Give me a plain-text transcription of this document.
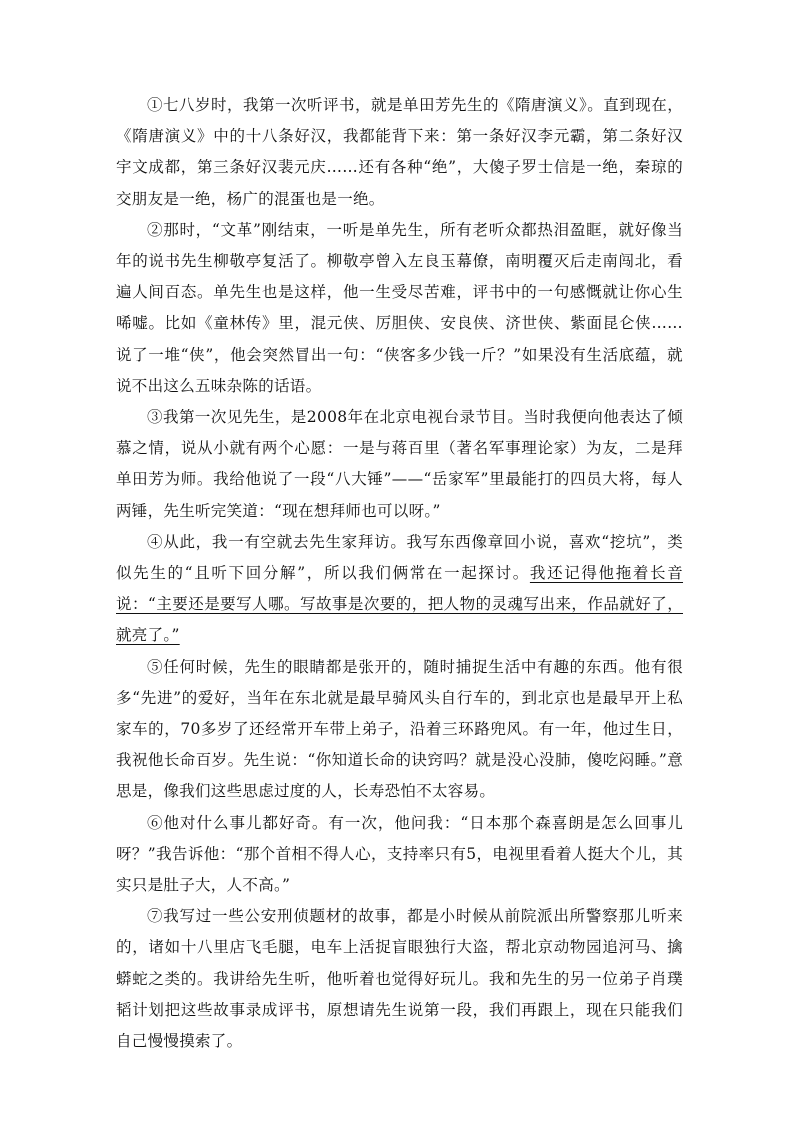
①七八岁时，我第一次听评书，就是单田芳先生的《隋唐演义》。直到现在，《隋唐演义》中的十八条好汉，我都能背下来：第一条好汉李元霸，第二条好汉宇文成都，第三条好汉裴元庆……还有各种“绝”，大傻子罗士信是一绝，秦琼的交朋友是一绝，杨广的混蛋也是一绝。

②那时，“文革”刚结束，一听是单先生，所有老听众都热泪盈眶，就好像当年的说书先生柳敬亭复活了。柳敬亭曾入左良玉幕僚，南明覆灭后走南闯北，看遍人间百态。单先生也是这样，他一生受尽苦难，评书中的一句感慨就让你心生唏嘘。比如《童林传》里，混元侠、厉胆侠、安良侠、济世侠、紫面昆仑侠……说了一堆“侠”，他会突然冒出一句：“侠客多少钱一斤？”如果没有生活底蕴，就说不出这么五味杂陈的话语。

③我第一次见先生，是2008年在北京电视台录节目。当时我便向他表达了倾慕之情，说从小就有两个心愿：一是与蒋百里（著名军事理论家）为友，二是拜单田芳为师。我给他说了一段“八大锤”——“岳家军”里最能打的四员大将，每人两锤，先生听完笑道：“现在想拜师也可以呀。”

④从此，我一有空就去先生家拜访。我写东西像章回小说，喜欢“挖坑”，类似先生的“且听下回分解”，所以我们俩常在一起探讨。我还记得他拖着长音说：“主要还是要写人哪。写故事是次要的，把人物的灵魂写出来，作品就好了，就亮了。”

⑤任何时候，先生的眼睛都是张开的，随时捕捉生活中有趣的东西。他有很多“先进”的爱好，当年在东北就是最早骑风头自行车的，到北京也是最早开上私家车的，70多岁了还经常开车带上弟子，沿着三环路兜风。有一年，他过生日，我祝他长命百岁。先生说：“你知道长命的诀窍吗？就是没心没肺，傻吃闷睡。”意思是，像我们这些思虑过度的人，长寿恐怕不太容易。

⑥他对什么事儿都好奇。有一次，他问我：“日本那个森喜朗是怎么回事儿呀？”我告诉他：“那个首相不得人心，支持率只有5，电视里看着人挺大个儿，其实只是肚子大，人不高。”

⑦我写过一些公安刑侦题材的故事，都是小时候从前院派出所警察那儿听来的，诸如十八里店飞毛腿，电车上活捉盲眼独行大盗，帮北京动物园追河马、擒蟒蛇之类的。我讲给先生听，他听着也觉得好玩儿。我和先生的另一位弟子肖璞韬计划把这些故事录成评书，原想请先生说第一段，我们再跟上，现在只能我们自己慢慢摸索了。
